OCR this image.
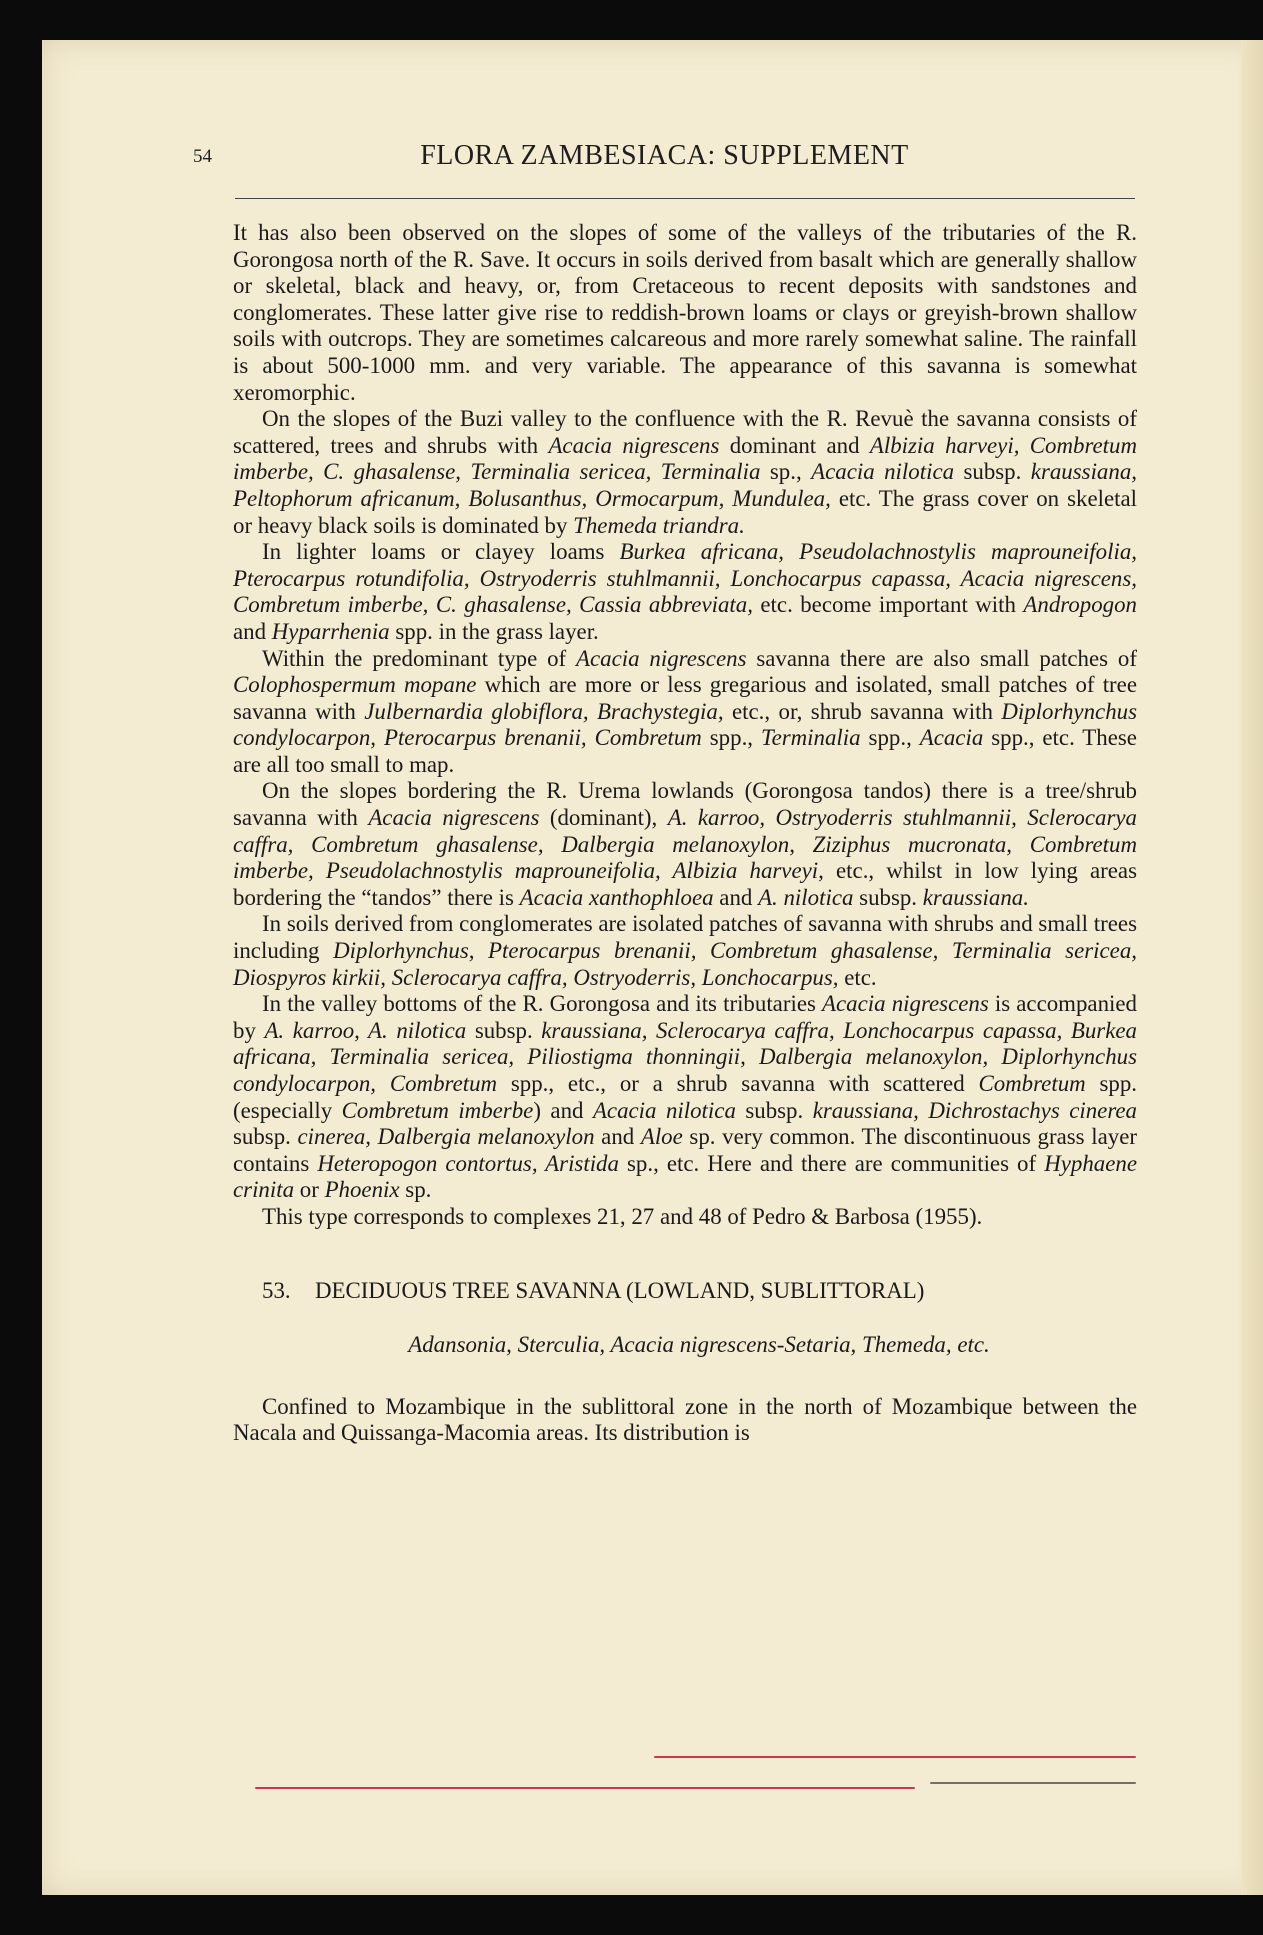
54	FLORA ZAMBESIACA: SUPPLEMENT

It has also been observed on the slopes of some of the valleys of the tributaries of the R. Gorongosa north of the R. Save. It occurs in soils derived from basalt which are generally shallow or skeletal, black and heavy, or, from Cretaceous to recent deposits with sandstones and conglomerates. These latter give rise to reddish-brown loams or clays or greyish-brown shallow soils with outcrops. They are sometimes calcareous and more rarely somewhat saline. The rainfall is about 500-1000 mm. and very variable. The appearance of this savanna is somewhat xeromorphic.

On the slopes of the Buzi valley to the confluence with the R. Revuè the savanna consists of scattered, trees and shrubs with Acacia nigrescens dominant and Albizia harveyi, Combretum imberbe, C. ghasalense, Terminalia sericea, Terminalia sp., Acacia nilotica subsp. kraussiana, Peltophorum africanum, Bolusanthus, Ormocarpum, Mundulea, etc. The grass cover on skeletal or heavy black soils is dominated by Themeda triandra.

In lighter loams or clayey loams Burkea africana, Pseudolachnostylis maprouneifolia, Pterocarpus rotundifolia, Ostryoderris stuhlmannii, Lonchocarpus capassa, Acacia nigrescens, Combretum imberbe, C. ghasalense, Cassia abbreviata, etc. become important with Andropogon and Hyparrhenia spp. in the grass layer.

Within the predominant type of Acacia nigrescens savanna there are also small patches of Colophospermum mopane which are more or less gregarious and isolated, small patches of tree savanna with Julbernardia globiflora, Brachystegia, etc., or, shrub savanna with Diplorhynchus condylocarpon, Pterocarpus brenanii, Combretum spp., Terminalia spp., Acacia spp., etc. These are all too small to map.

On the slopes bordering the R. Urema lowlands (Gorongosa tandos) there is a tree/shrub savanna with Acacia nigrescens (dominant), A. karroo, Ostryoderris stuhlmannii, Sclerocarya caffra, Combretum ghasalense, Dalbergia melanoxylon, Ziziphus mucronata, Combretum imberbe, Pseudolachnostylis maprouneifolia, Albizia harveyi, etc., whilst in low lying areas bordering the “tandos” there is Acacia xanthophloea and A. nilotica subsp. kraussiana.

In soils derived from conglomerates are isolated patches of savanna with shrubs and small trees including Diplorhynchus, Pterocarpus brenanii, Combretum ghasalense, Terminalia sericea, Diospyros kirkii, Sclerocarya caffra, Ostryoderris, Lonchocarpus, etc.

In the valley bottoms of the R. Gorongosa and its tributaries Acacia nigrescens is accompanied by A. karroo, A. nilotica subsp. kraussiana, Sclerocarya caffra, Lonchocarpus capassa, Burkea africana, Terminalia sericea, Piliostigma thonningii, Dalbergia melanoxylon, Diplorhynchus condylocarpon, Combretum spp., etc., or a shrub savanna with scattered Combretum spp. (especially Combretum imberbe) and Acacia nilotica subsp. kraussiana, Dichrostachys cinerea subsp. cinerea, Dalbergia melanoxylon and Aloe sp. very common. The discontinuous grass layer contains Heteropogon contortus, Aristida sp., etc. Here and there are communities of Hyphaene crinita or Phoenix sp.

This type corresponds to complexes 21, 27 and 48 of Pedro & Barbosa (1955).

53.	DECIDUOUS TREE SAVANNA (LOWLAND, SUBLITTORAL)
Adansonia, Sterculia, Acacia nigrescens-Setaria, Themeda, etc.

Confined to Mozambique in the sublittoral zone in the north of Mozambique between the Nacala and Quissanga-Macomia areas. Its distribution is
